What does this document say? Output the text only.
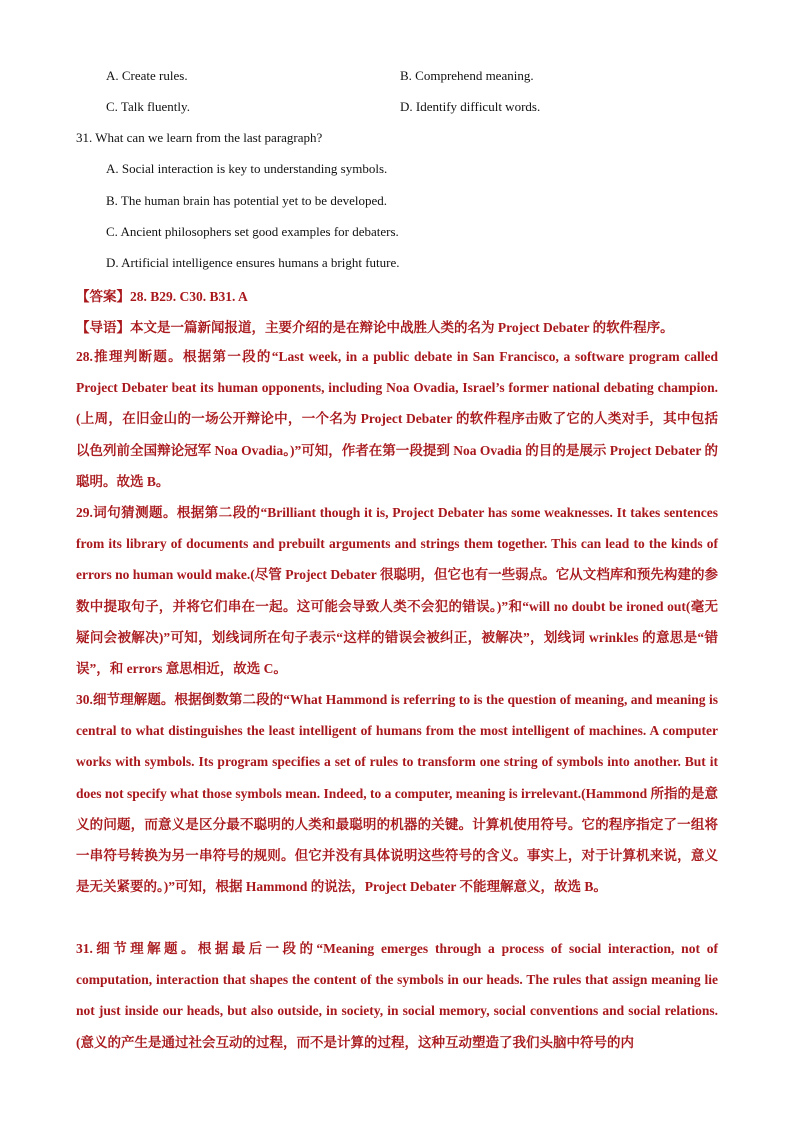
A. Create rules.	B. Comprehend meaning.
C. Talk fluently.	D. Identify difficult words.
31. What can we learn from the last paragraph?
A. Social interaction is key to understanding symbols.
B. The human brain has potential yet to be developed.
C. Ancient philosophers set good examples for debaters.
D. Artificial intelligence ensures humans a bright future.
【答案】28. B29. C30. B31. A
【导语】本文是一篇新闻报道，主要介绍的是在辩论中战胜人类的名为 Project Debater 的软件程序。
28.推理判断题。根据第一段的“Last week, in a public debate in San Francisco, a software program called Project Debater beat its human opponents, including Noa Ovadia, Israel’s former national debating champion.(上周，在旧金山的一场公开辩论中，一个名为 Project Debater 的软件程序击败了它的人类对手，其中包括以色列前全国辩论冠军 Noa Ovadia。)”可知，作者在第一段提到 Noa Ovadia 的目的是展示 Project Debater 的聪明。故选 B。
29.词句猜测题。根据第二段的“Brilliant though it is, Project Debater has some weaknesses. It takes sentences from its library of documents and prebuilt arguments and strings them together. This can lead to the kinds of errors no human would make.(尽管 Project Debater 很聪明，但它也有一些弱点。它从文档库和预先构建的参数中提取句子，并将它们串在一起。这可能会导致人类不会犯的错误。)”和“will no doubt be ironed out(毫无疑问会被解决)”可知，划线词所在句子表示“这样的错误会被纠正，被解决”，划线词 wrinkles 的意思是“错误”，和 errors 意思相近，故选 C。
30.细节理解题。根据倒数第二段的“What Hammond is referring to is the question of meaning, and meaning is central to what distinguishes the least intelligent of humans from the most intelligent of machines. A computer works with symbols. Its program specifies a set of rules to transform one string of symbols into another. But it does not specify what those symbols mean. Indeed, to a computer, meaning is irrelevant.(Hammond 所指的是意义的问题，而意义是区分最不聪明的人类和最聪明的机器的关键。计算机使用符号。它的程序指定了一组将一串符号转换为另一串符号的规则。但它并没有具体说明这些符号的含义。事实上，对于计算机来说，意义是无关紧要的。)”可知，根据 Hammond 的说法，Project Debater 不能理解意义，故选 B。
31.细节理解题。根据最后一段的“Meaning emerges through a process of social interaction, not of computation, interaction that shapes the content of the symbols in our heads. The rules that assign meaning lie not just inside our heads, but also outside, in society, in social memory, social conventions and social relations.(意义的产生是通过社会互动的过程，而不是计算的过程，这种互动塑造了我们头脑中符号的内
